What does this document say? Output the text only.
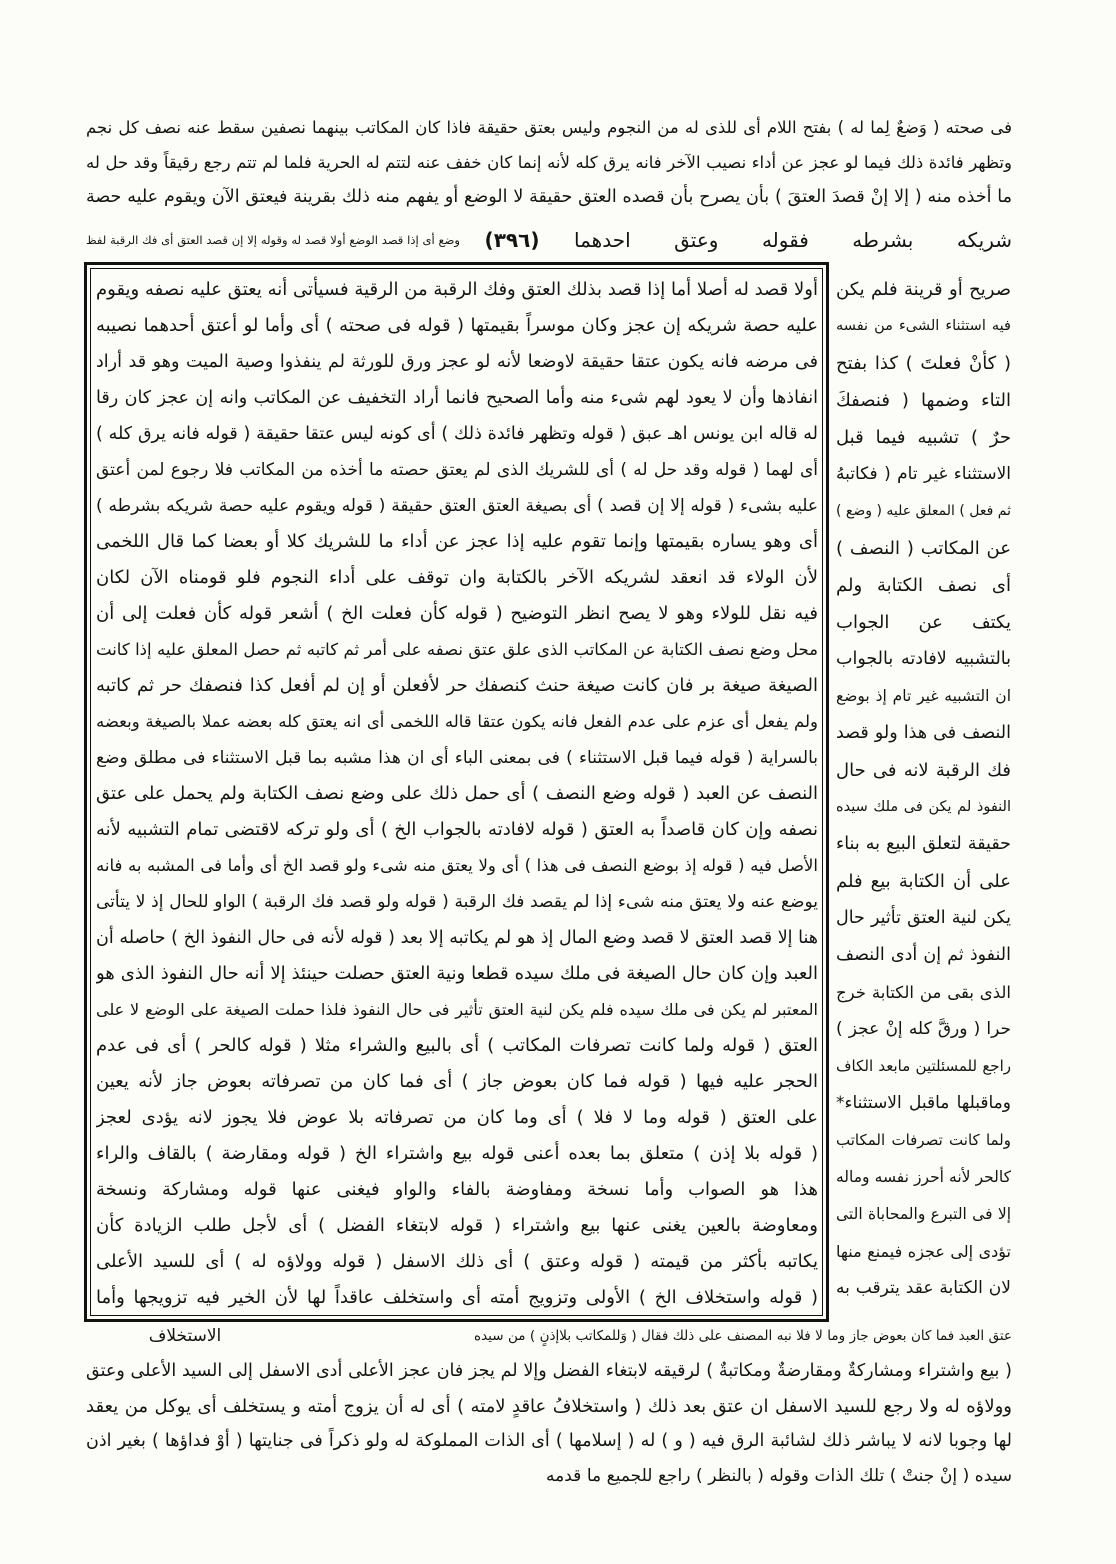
فى صحته ( وَضعٌ لِما له ) بفتح اللام أى للذى له من النجوم وليس بعتق حقيقة فاذا كان المكاتب بينهما نصفين سقط عنه نصف كل نجم
وتظهر فائدة ذلك فيما لو عجز عن أداء نصيب الآخر فانه يرق كله لأنه إنما كان خفف عنه لتتم له الحرية فلما لم تتم رجع رقيقاً وقد حل له
ما أخذه منه ( إلا إنْ قصدَ العتقَ ) بأن يصرح بأن قصده العتق حقيقة لا الوضع أو يفهم منه ذلك بقرينة فيعتق الآن ويقوم عليه حصة
شريكه بشرطه فقوله وعتق احدهما
(٣٩٦)
وضع أى إذا قصد الوضع أولا قصد له وقوله إلا إن قصد العتق أى فك الرقبة لفظ
أولا قصد له أصلا أما إذا قصد بذلك العتق وفك الرقبة من الرقية فسيأتى أنه يعتق عليه نصفه ويقوم
عليه حصة شريكه إن عجز وكان موسراً بقيمتها ( قوله فى صحته ) أى وأما لو أعتق أحدهما نصيبه
فى مرضه فانه يكون عتقا حقيقة لاوضعا لأنه لو عجز ورق للورثة لم ينفذوا وصية الميت وهو قد أراد
انفاذها وأن لا يعود لهم شىء منه وأما الصحيح فانما أراد التخفيف عن المكاتب وانه إن عجز كان رقا
له قاله ابن يونس اهـ عبق ( قوله وتظهر فائدة ذلك ) أى كونه ليس عتقا حقيقة ( قوله فانه يرق كله )
أى لهما ( قوله وقد حل له ) أى للشريك الذى لم يعتق حصته ما أخذه من المكاتب فلا رجوع لمن أعتق
عليه بشىء ( قوله إلا إن قصد ) أى بصيغة العتق العتق حقيقة ( قوله ويقوم عليه حصة شريكه بشرطه )
أى وهو يساره بقيمتها وإنما تقوم عليه إذا عجز عن أداء ما للشريك كلا أو بعضا كما قال اللخمى
لأن الولاء قد انعقد لشريكه الآخر بالكتابة وان توقف على أداء النجوم فلو قومناه الآن لكان
فيه نقل للولاء وهو لا يصح انظر التوضيح ( قوله كأن فعلت الخ ) أشعر قوله كأن فعلت إلى أن
محل وضع نصف الكتابة عن المكاتب الذى علق عتق نصفه على أمر ثم كاتبه ثم حصل المعلق عليه إذا كانت
الصيغة صيغة بر فان كانت صيغة حنث كنصفك حر لأفعلن أو إن لم أفعل كذا فنصفك حر ثم كاتبه
ولم يفعل أى عزم على عدم الفعل فانه يكون عتقا قاله اللخمى أى انه يعتق كله بعضه عملا بالصيغة وبعضه
بالسراية ( قوله فيما قبل الاستثناء ) فى بمعنى الباء أى ان هذا مشبه بما قبل الاستثناء فى مطلق وضع
النصف عن العبد ( قوله وضع النصف ) أى حمل ذلك على وضع نصف الكتابة ولم يحمل على عتق
نصفه وإن كان قاصداً به العتق ( قوله لافادته بالجواب الخ ) أى ولو تركه لاقتضى تمام التشبيه لأنه
الأصل فيه ( قوله إذ بوضع النصف فى هذا ) أى ولا يعتق منه شىء ولو قصد الخ أى وأما فى المشبه به فانه
يوضع عنه ولا يعتق منه شىء إذا لم يقصد فك الرقبة ( قوله ولو قصد فك الرقبة ) الواو للحال إذ لا يتأتى
هنا إلا قصد العتق لا قصد وضع المال إذ هو لم يكاتبه إلا بعد ( قوله لأنه فى حال النفوذ الخ ) حاصله أن
العبد وإن كان حال الصيغة فى ملك سيده قطعا ونية العتق حصلت حينئذ إلا أنه حال النفوذ الذى هو
المعتبر لم يكن فى ملك سيده فلم يكن لنية العتق تأثير فى حال النفوذ فلذا حملت الصيغة على الوضع لا على
العتق ( قوله ولما كانت تصرفات المكاتب ) أى بالبيع والشراء مثلا ( قوله كالحر ) أى فى عدم
الحجر عليه فيها ( قوله فما كان بعوض جاز ) أى فما كان من تصرفاته بعوض جاز لأنه يعين
على العتق ( قوله وما لا فلا ) أى وما كان من تصرفاته بلا عوض فلا يجوز لانه يؤدى لعجز
( قوله بلا إذن ) متعلق بما بعده أعنى قوله بيع واشتراء الخ ( قوله ومقارضة ) بالقاف والراء
هذا هو الصواب وأما نسخة ومفاوضة بالفاء والواو فيغنى عنها قوله ومشاركة ونسخة
ومعاوضة بالعين يغنى عنها بيع واشتراء ( قوله لابتغاء الفضل ) أى لأجل طلب الزيادة كأن
يكاتبه بأكثر من قيمته ( قوله وعتق ) أى ذلك الاسفل ( قوله وولاؤه له ) أى للسيد الأعلى
( قوله واستخلاف الخ ) الأولى وتزويج أمته أى واستخلف عاقداً لها لأن الخير فيه تزويجها وأما
صريح أو قرينة فلم يكن
فيه استثناء الشىء من نفسه
( كأنْ فعلتَ ) كذا بفتح
التاء وضمها ( فنصفكَ
حرٌ ) تشبيه فيما قبل
الاستثناء غير تام ( فكاتبهُ
ثم فعل ) المعلق عليه ( وضع )
عن المكاتب ( النصف )
أى نصف الكتابة ولم
يكتف عن الجواب
بالتشبيه لافادته بالجواب
ان التشبيه غير تام إذ بوضع
النصف فى هذا ولو قصد
فك الرقبة لانه فى حال
النفوذ لم يكن فى ملك سيده
حقيقة لتعلق البيع به بناء
على أن الكتابة بيع فلم
يكن لنية العتق تأثير حال
النفوذ ثم إن أدى النصف
الذى بقى من الكتابة خرج
حرا ( ورقَّ كله إنْ عجز )
راجع للمسئلتين مابعد الكاف
وماقبلها ماقبل الاستثناء*
ولما كانت تصرفات المكاتب
كالحر لأنه أحرز نفسه وماله
إلا فى التبرع والمحاباة التى
تؤدى إلى عجزه فيمنع منها
لان الكتابة عقد يترقب به
عتق العبد فما كان بعوض جاز وما لا فلا نبه المصنف على ذلك فقال ( وَللمكاتب بلاإذنٍ ) من سيده
( بيع واشتراء ومشاركةٌ ومقارضةٌ ومكاتبةٌ ) لرقيقه لابتغاء الفضل وإلا لم يجز فان عجز الأعلى أدى الاسفل إلى السيد الأعلى وعتق
وولاؤه له ولا رجع للسيد الاسفل ان عتق بعد ذلك ( واستخلافُ عاقدٍ لامته ) أى له أن يزوج أمته و يستخلف أى يوكل من يعقد
لها وجوبا لانه لا يباشر ذلك لشائبة الرق فيه ( و ) له ( إسلامها ) أى الذات المملوكة له ولو ذكراً فى جنايتها ( أوْ فداؤها ) بغير اذن
سيده ( إنْ جنتْ ) تلك الذات وقوله ( بالنظر ) راجع للجميع ما قدمه
الاستخلاف
